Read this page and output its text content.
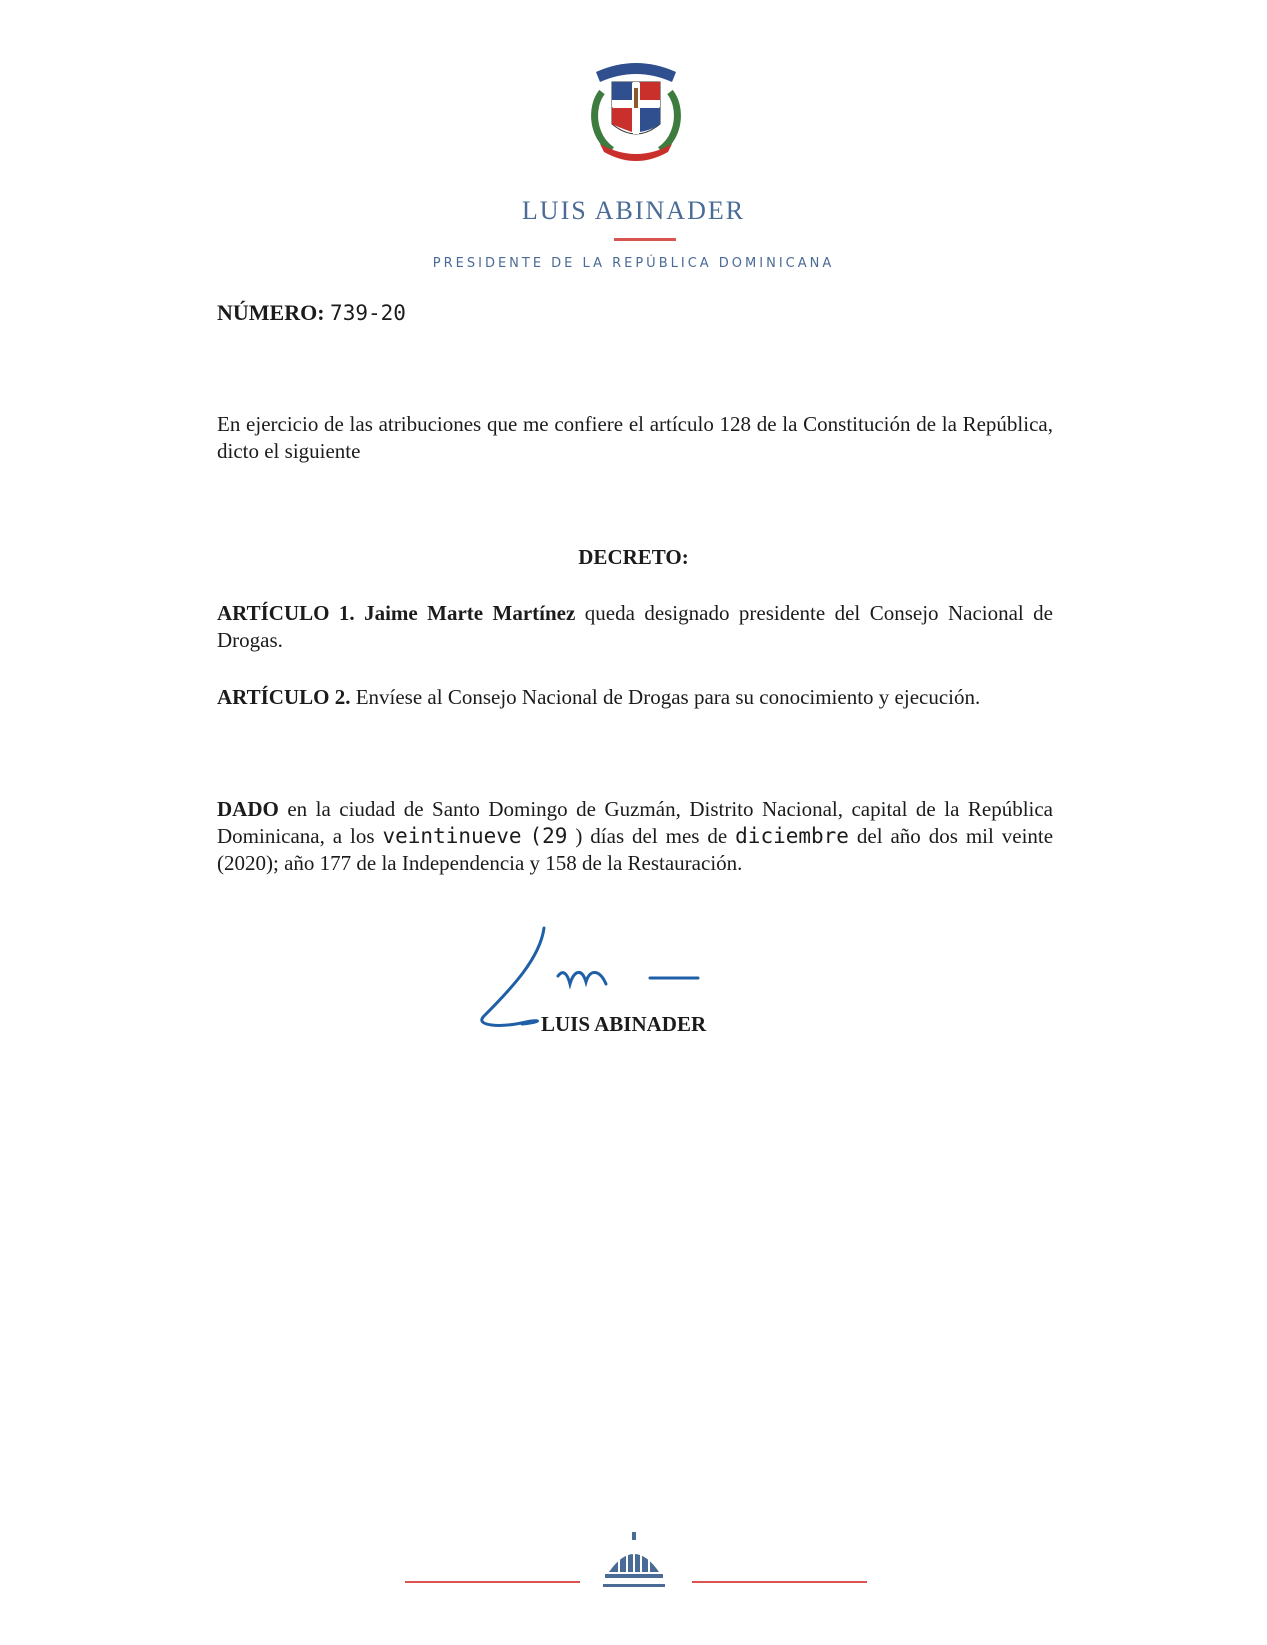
LUIS ABINADER
PRESIDENTE DE LA REPÚBLICA DOMINICANA
NÚMERO: 739-20
En ejercicio de las atribuciones que me confiere el artículo 128 de la Constitución de la República, dicto el siguiente
DECRETO:
ARTÍCULO 1. Jaime Marte Martínez queda designado presidente del Consejo Nacional de Drogas.
ARTÍCULO 2. Envíese al Consejo Nacional de Drogas para su conocimiento y ejecución.
DADO en la ciudad de Santo Domingo de Guzmán, Distrito Nacional, capital de la República Dominicana, a los veintinueve (29 ) días del mes de diciembre del año dos mil veinte (2020); año 177 de la Independencia y 158 de la Restauración.
LUIS ABINADER
